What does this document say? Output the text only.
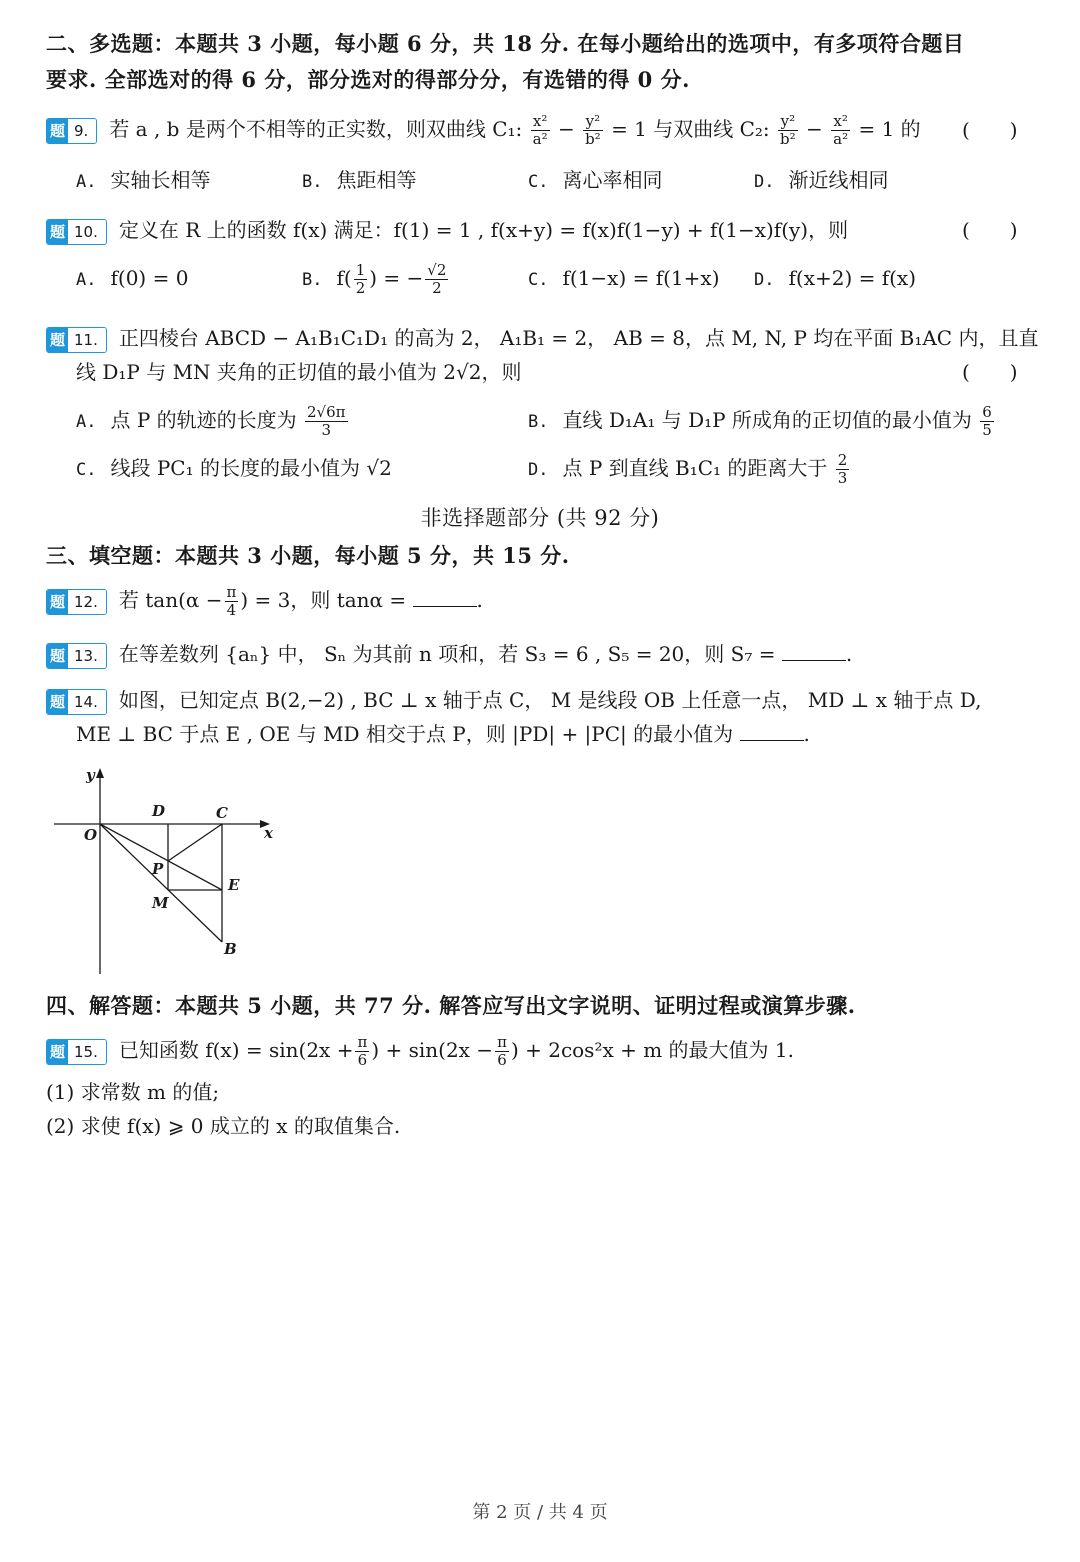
二、多选题：本题共 3 小题，每小题 6 分，共 18 分. 在每小题给出的选项中，有多项符合题目
要求. 全部选对的得 6 分，部分选对的得部分分，有选错的得 0 分.
题 9.	若 a , b 是两个不相等的正实数，则双曲线 C₁: $\frac{\text{x²}}{\text{a²}} - \frac{\text{y²}}{\text{b²}} = 1$ 与双曲线 C₂: $\frac{\text{y²}}{\text{b²}} - \frac{\text{x²}}{\text{a²}} = 1$ 的 (　　)
A. 实轴长相等	B. 焦距相等	C. 离心率相同	D. 渐近线相同
题 10.	定义在 R 上的函数 f(x) 满足：f(1) = 1 , f(x+y) = f(x)f(1−y) + f(1−x)f(y)，则	(　　)
A. f(0) = 0	B. $f( \frac{1}{2}$ ) = − $\frac{√2}{2}$	C. f(1−x) = f(1+x) D. f(x+2) = f(x)
题 11.	正四棱台 ABCD − A₁B₁C₁D₁ 的高为 2， A₁B₁ = 2， AB = 8，点 M, N, P 均在平面 B₁AC 内，且直
线 D₁P 与 MN 夹角的正切值的最小值为 2√2，则	(　　)
A. 点 P 的轨迹的长度为 $\frac{2√6\pi}{3}$	B. 直线 D₁A₁ 与 D₁P 所成角的正切值的最小值为 $\frac{6}{5}$
C. 线段 PC₁ 的长度的最小值为 √2	D. 点 P 到直线 B₁C₁ 的距离大于 $\frac{2}{3}$
非选择题部分 (共 92 分)
三、填空题：本题共 3 小题，每小题 5 分，共 15 分.
题 12.	若 $\tan(\alpha - \frac{\pi}{4}$ ) = 3，则 tanα =	.
题 13.	在等差数列 {aₙ} 中， Sₙ 为其前 n 项和，若 S₃ = 6 , S₅ = 20，则 S₇ =	.
题 14.	如图，已知定点 B(2,−2) , BC ⊥ x 轴于点 C， M 是线段 OB 上任意一点， MD ⊥ x 轴于点 D,
ME ⊥ BC 于点 E , OE 与 MD 相交于点 P，则 |PD| + |PC| 的最小值为	.
y
x
O
D	C
P
E
M
B
四、解答题：本题共 5 小题，共 77 分. 解答应写出文字说明、证明过程或演算步骤.
题 15.	已知函数 $f(x) = \sin(2x + \frac{\pi}{6}$ ) + $\sin(2x - \frac{\pi}{6}$ ) + 2cos²x + m 的最大值为 1.
(1) 求常数 m 的值;
(2) 求使 f(x) ⩾ 0 成立的 x 的取值集合.
第 2 页 / 共 4 页
